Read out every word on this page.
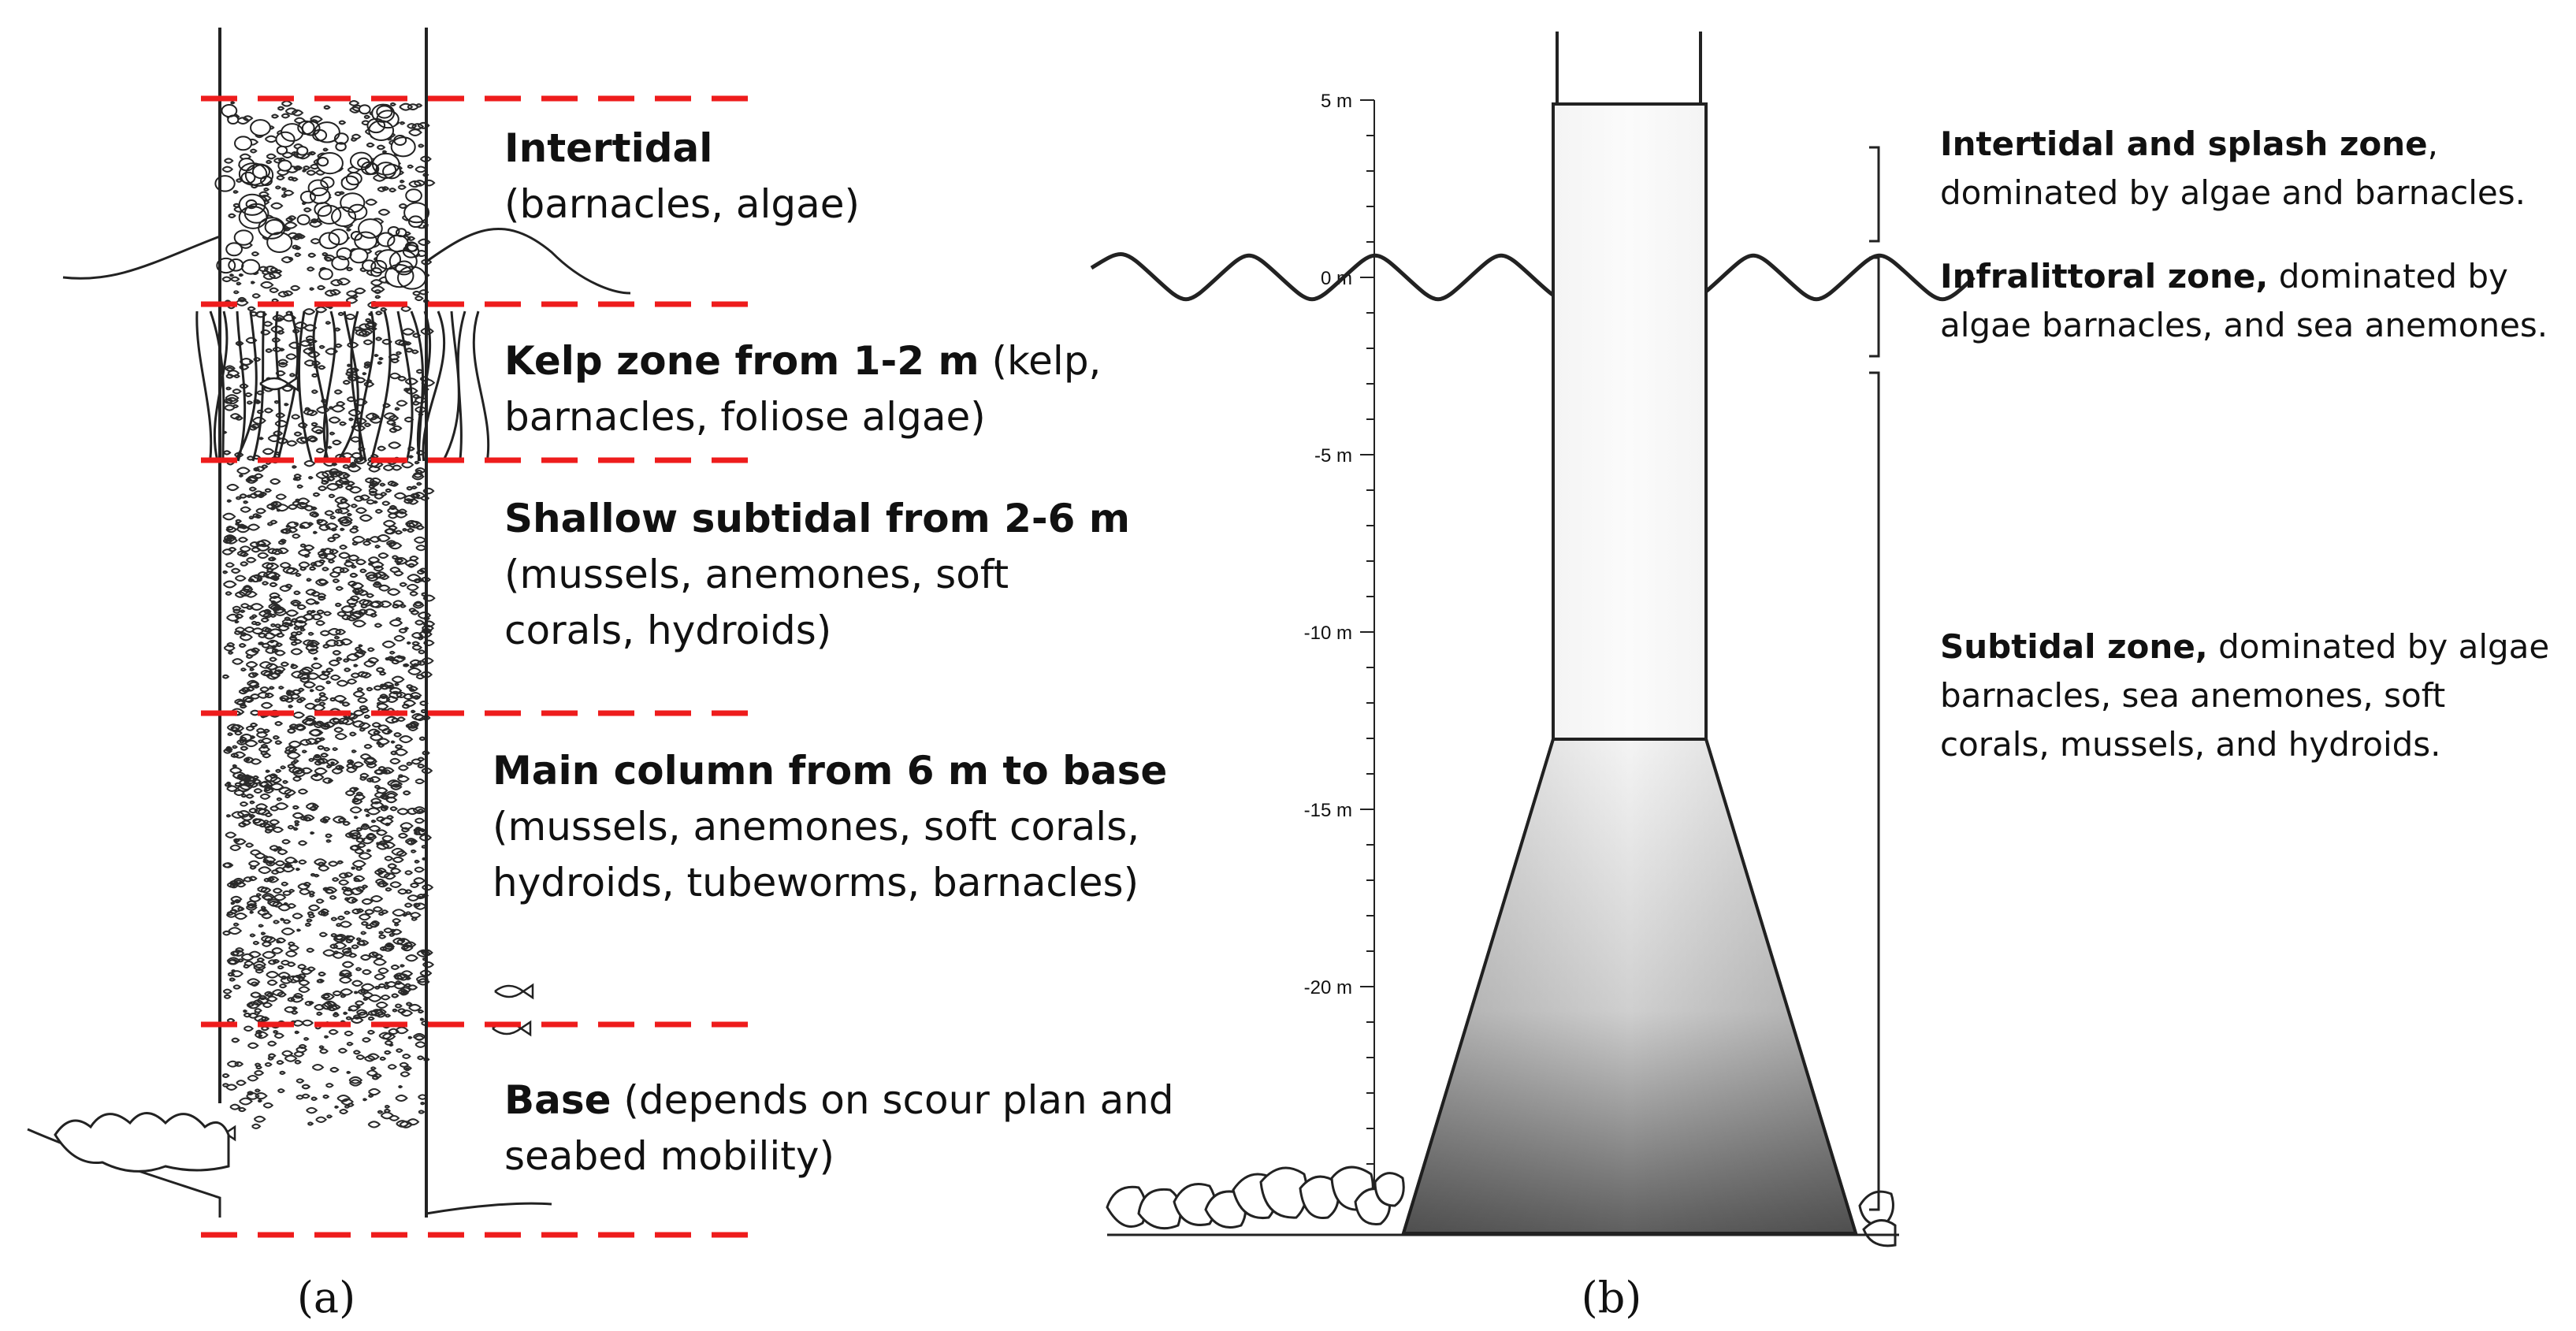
Intertidal
(barnacles, algae)
Kelp zone from 1-2 m (kelp,
barnacles, foliose algae)
Shallow subtidal from 2-6 m
(mussels, anemones, soft
corals, hydroids)
Main column from 6 m to base
(mussels, anemones, soft corals,
hydroids, tubeworms, barnacles)
Base (depends on scour plan and
seabed mobility)
(a)
5 m
0 m
-5 m
-10 m
-15 m
-20 m
Intertidal and splash zone,
dominated by algae and barnacles.
Infralittoral zone, dominated by
algae barnacles, and sea anemones.
Subtidal zone, dominated by algae
barnacles, sea anemones, soft
corals, mussels, and hydroids.
(b)
